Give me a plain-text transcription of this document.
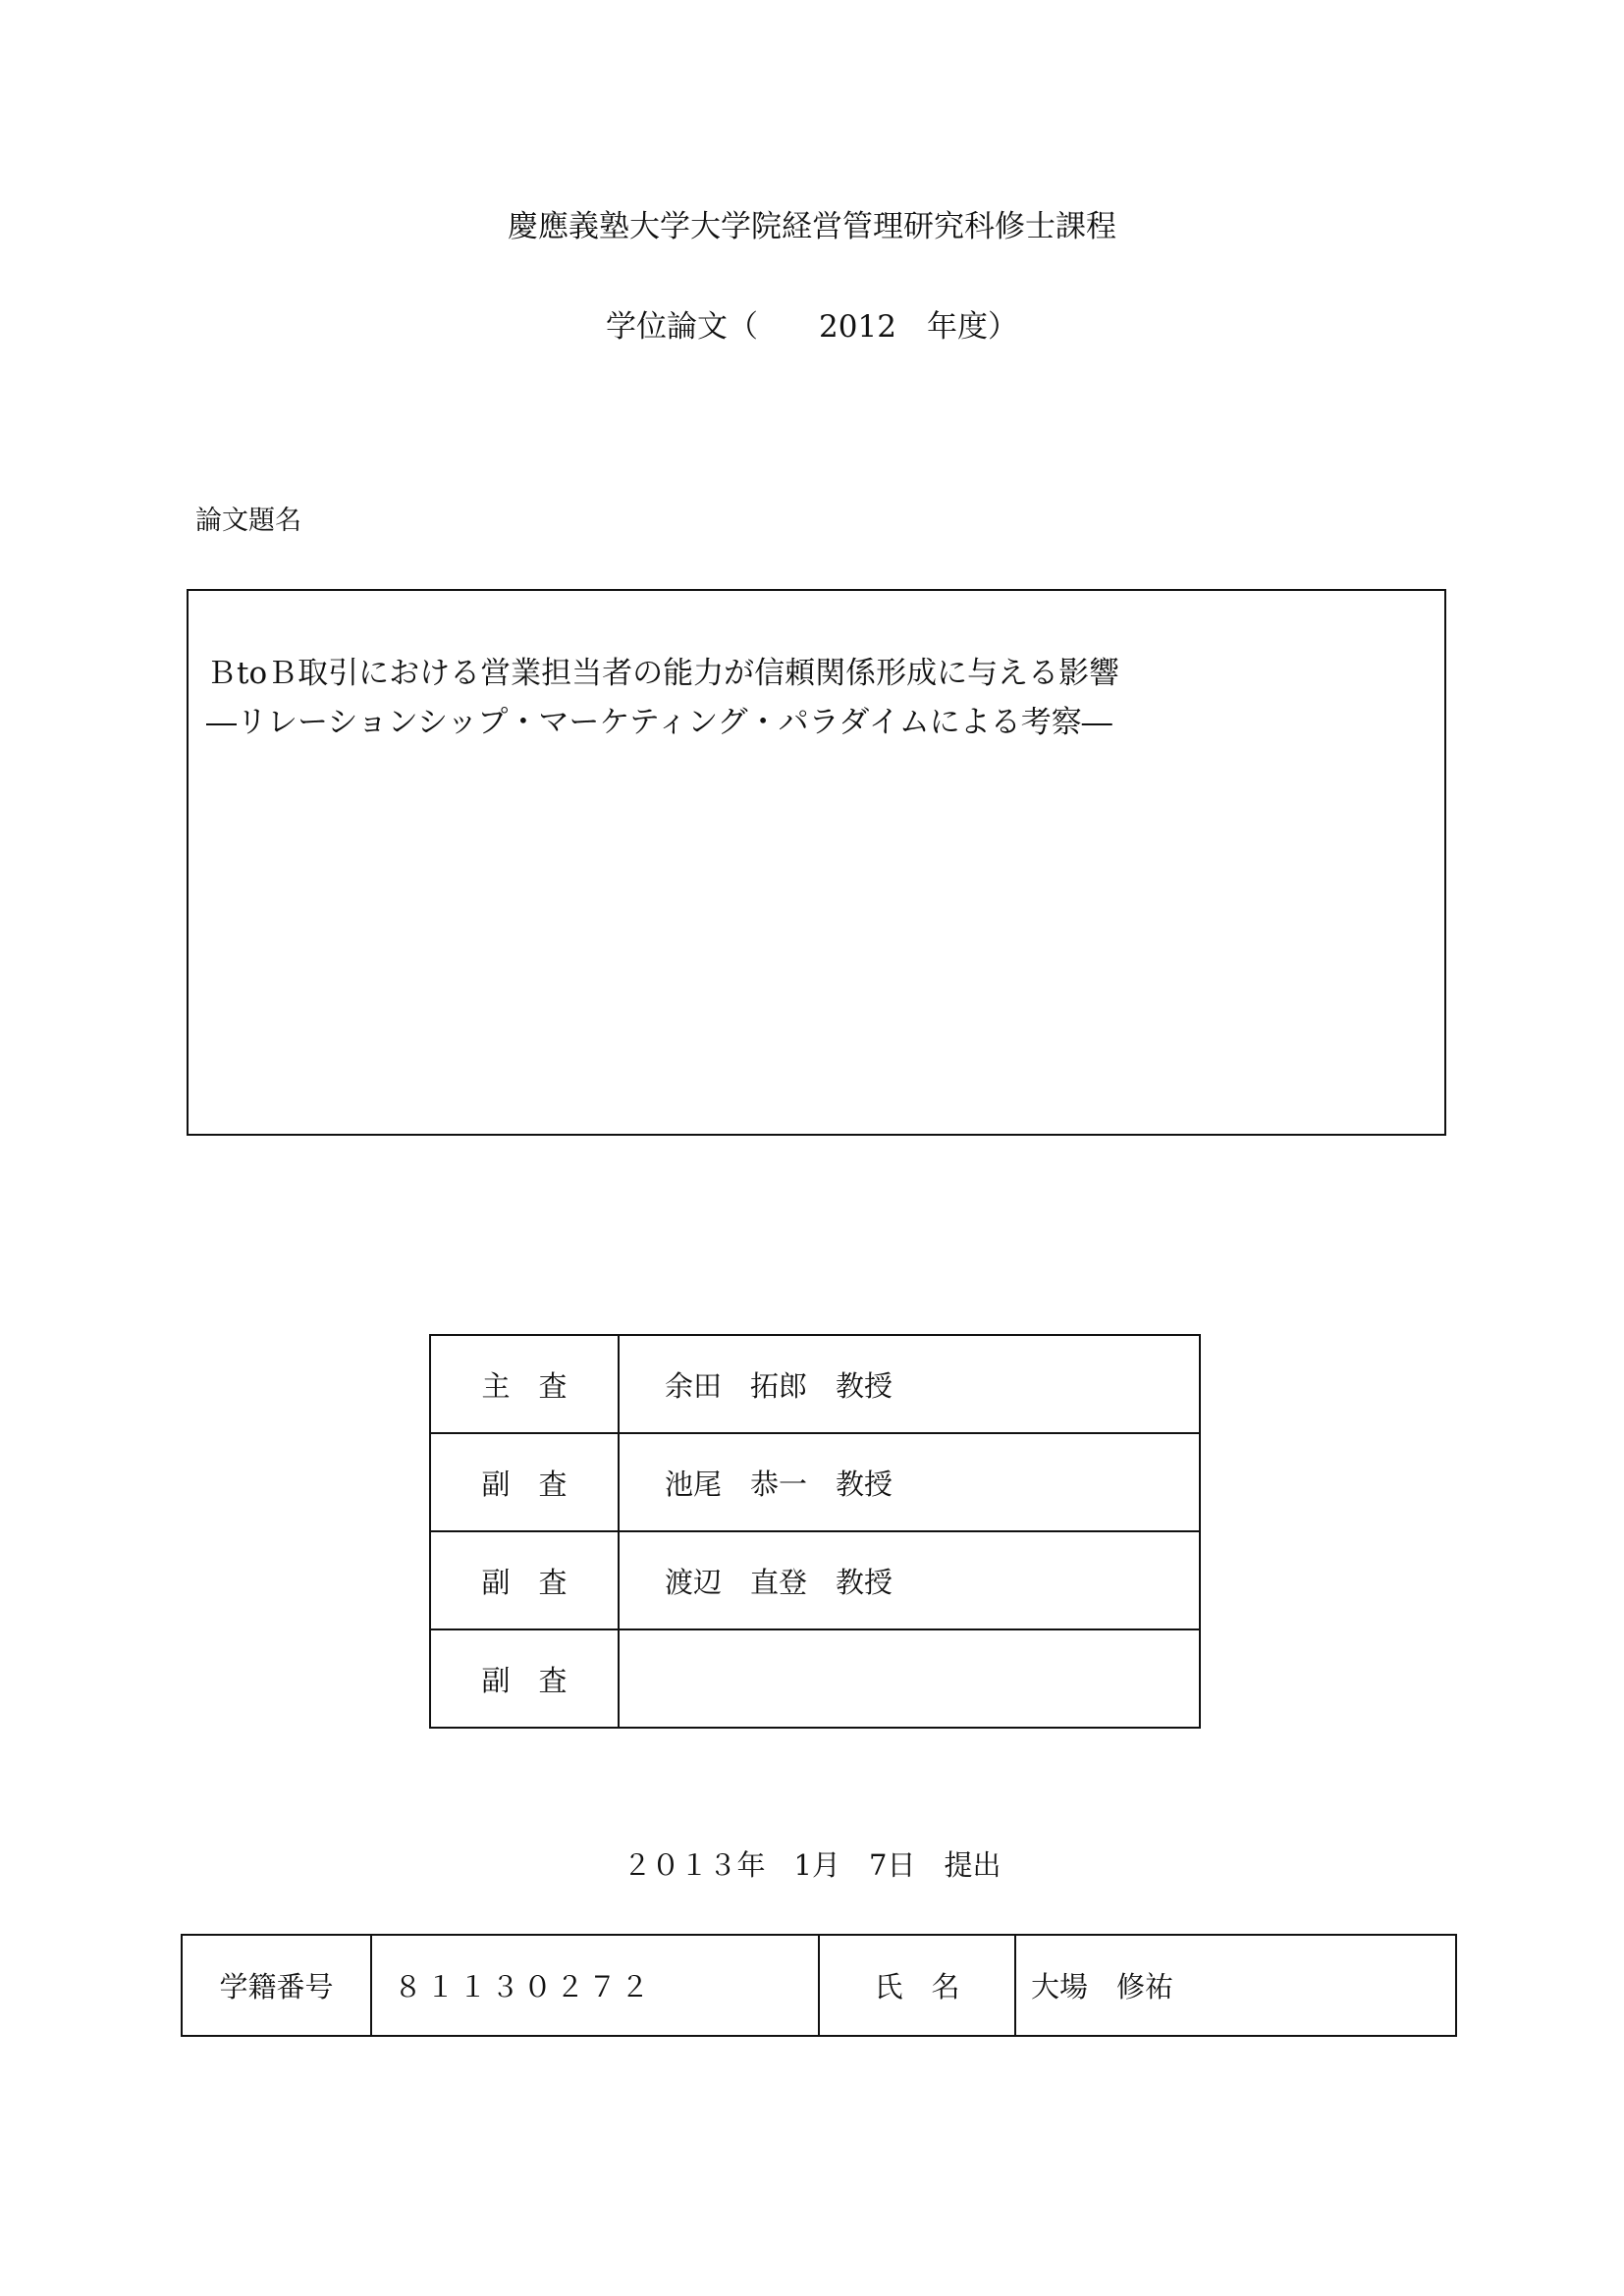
慶應義塾大学大学院経営管理研究科修士課程
学位論文（　　2012　年度）
論文題名
ＢtoＢ取引における営業担当者の能力が信頼関係形成に与える影響
―リレーションシップ・マーケティング・パラダイムによる考察―
主　査	余田　拓郎　教授
副　査	池尾　恭一　教授
副　査	渡辺　直登　教授
副　査	
２０１３年　1月　7日　提出
学籍番号	８１１３０２７２	氏　名	大場　修祐
